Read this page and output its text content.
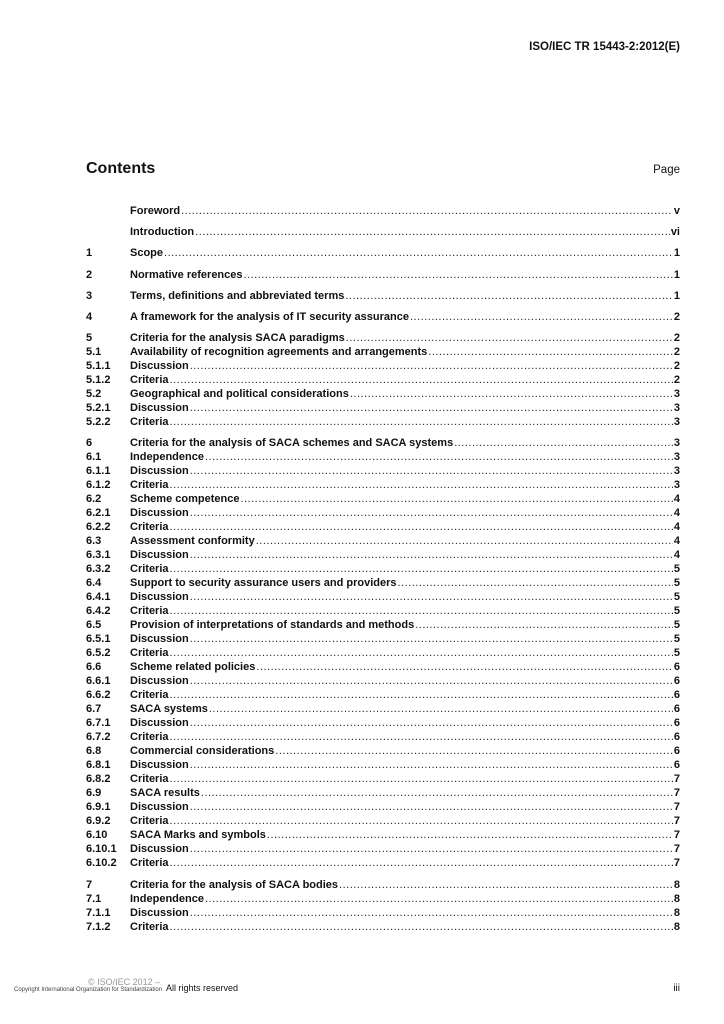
ISO/IEC TR 15443-2:2012(E)
Contents	Page
Foreword .....	v
Introduction .....	vi
1	Scope .....	1
2	Normative references .....	1
3	Terms, definitions and abbreviated terms .....	1
4	A framework for the analysis of IT security assurance .....	2
5	Criteria for the analysis SACA paradigms .....	2
5.1	Availability of recognition agreements and arrangements .....	2
5.1.1	Discussion .....	2
5.1.2	Criteria .....	2
5.2	Geographical and political considerations .....	3
5.2.1	Discussion .....	3
5.2.2	Criteria .....	3
6	Criteria for the analysis of SACA schemes and SACA systems .....	3
6.1	Independence .....	3
6.1.1	Discussion .....	3
6.1.2	Criteria .....	3
6.2	Scheme competence .....	4
6.2.1	Discussion .....	4
6.2.2	Criteria .....	4
6.3	Assessment conformity .....	4
6.3.1	Discussion .....	4
6.3.2	Criteria .....	5
6.4	Support to security assurance users and providers .....	5
6.4.1	Discussion .....	5
6.4.2	Criteria .....	5
6.5	Provision of interpretations of standards and methods .....	5
6.5.1	Discussion .....	5
6.5.2	Criteria .....	5
6.6	Scheme related policies .....	6
6.6.1	Discussion .....	6
6.6.2	Criteria .....	6
6.7	SACA systems .....	6
6.7.1	Discussion .....	6
6.7.2	Criteria .....	6
6.8	Commercial considerations .....	6
6.8.1	Discussion .....	6
6.8.2	Criteria .....	7
6.9	SACA results .....	7
6.9.1	Discussion .....	7
6.9.2	Criteria .....	7
6.10	SACA Marks and symbols .....	7
6.10.1	Discussion .....	7
6.10.2	Criteria .....	7
7	Criteria for the analysis of SACA bodies .....	8
7.1	Independence .....	8
7.1.1	Discussion .....	8
7.1.2	Criteria .....	8
© ISO/IEC 2012 –
Copyright International Organization for Standardization All rights reserved	iii
